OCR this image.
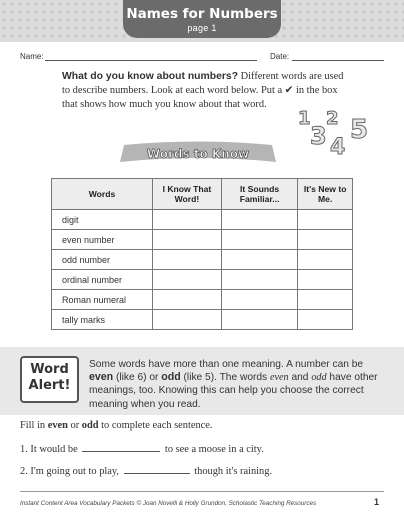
Names for Numbers
page 1
Name:	Date:
What do you know about numbers? Different words are used to describe numbers. Look at each word below. Put a ✔ in the box that shows how much you know about that word.
1 2
3 4
5
Words to Know
Words	I Know That Word!	It Sounds Familiar...	It's New to Me.
digit			
even number			
odd number			
ordinal number			
Roman numeral			
tally marks			
Word
Alert!
Some words have more than one meaning. A number can be even (like 6) or odd (like 5). The words even and odd have other meanings, too. Knowing this can help you choose the correct meaning when you read.
Fill in even or odd to complete each sentence.
1. It would be	to see a moose in a city.
2. I'm going out to play,	though it's raining.
Instant Content Area Vocabulary Packets © Joan Novelli & Holly Grundon, Scholastic Teaching Resources	1
